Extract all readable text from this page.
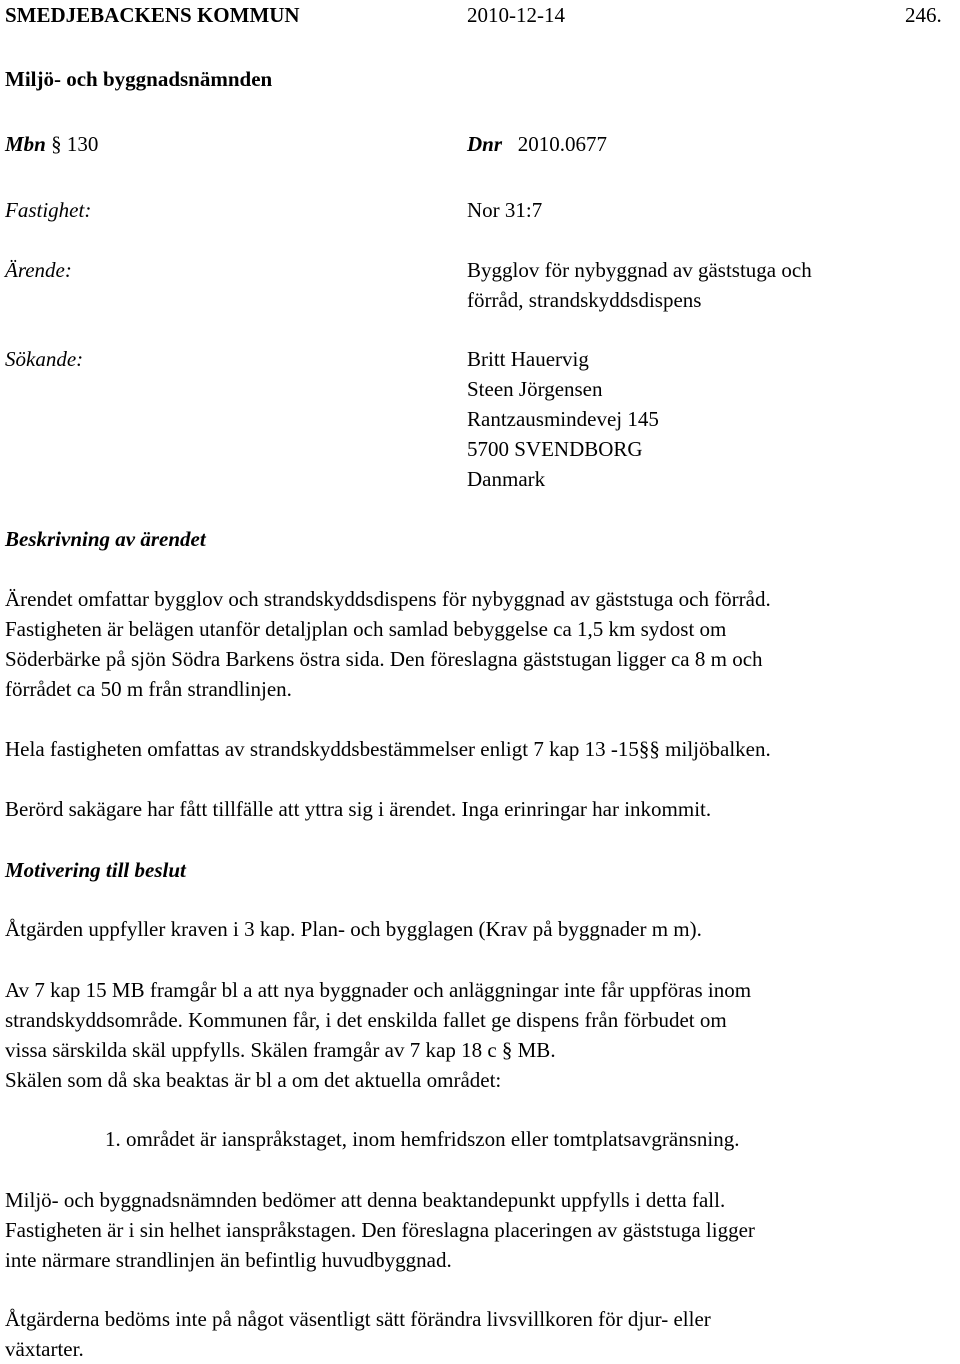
SMEDJEBACKENS KOMMUN	2010-12-14	246.
Miljö- och byggnadsnämnden
Mbn § 130	Dnr 2010.0677
Fastighet:	Nor 31:7
Ärende:	Bygglov för nybyggnad av gäststuga och
förråd, strandskyddsdispens
Sökande:	Britt Hauervig
Steen Jörgensen
Rantzausmindevej 145
5700 SVENDBORG
Danmark
Beskrivning av ärendet
Ärendet omfattar bygglov och strandskyddsdispens för nybyggnad av gäststuga och förråd.
Fastigheten är belägen utanför detaljplan och samlad bebyggelse ca 1,5 km sydost om
Söderbärke på sjön Södra Barkens östra sida. Den föreslagna gäststugan ligger ca 8 m och
förrådet ca 50 m från strandlinjen.
Hela fastigheten omfattas av strandskyddsbestämmelser enligt 7 kap 13 -15§§ miljöbalken.
Berörd sakägare har fått tillfälle att yttra sig i ärendet. Inga erinringar har inkommit.
Motivering till beslut
Åtgärden uppfyller kraven i 3 kap. Plan- och bygglagen (Krav på byggnader m m).
Av 7 kap 15 MB framgår bl a att nya byggnader och anläggningar inte får uppföras inom
strandskyddsområde. Kommunen får, i det enskilda fallet ge dispens från förbudet om
vissa särskilda skäl uppfylls. Skälen framgår av 7 kap 18 c § MB.
Skälen som då ska beaktas är bl a om det aktuella området:
1. området är ianspråkstaget, inom hemfridszon eller tomtplatsavgränsning.
Miljö- och byggnadsnämnden bedömer att denna beaktandepunkt uppfylls i detta fall.
Fastigheten är i sin helhet ianspråkstagen. Den föreslagna placeringen av gäststuga ligger
inte närmare strandlinjen än befintlig huvudbyggnad.
Åtgärderna bedöms inte på något väsentligt sätt förändra livsvillkoren för djur- eller
växtarter.
